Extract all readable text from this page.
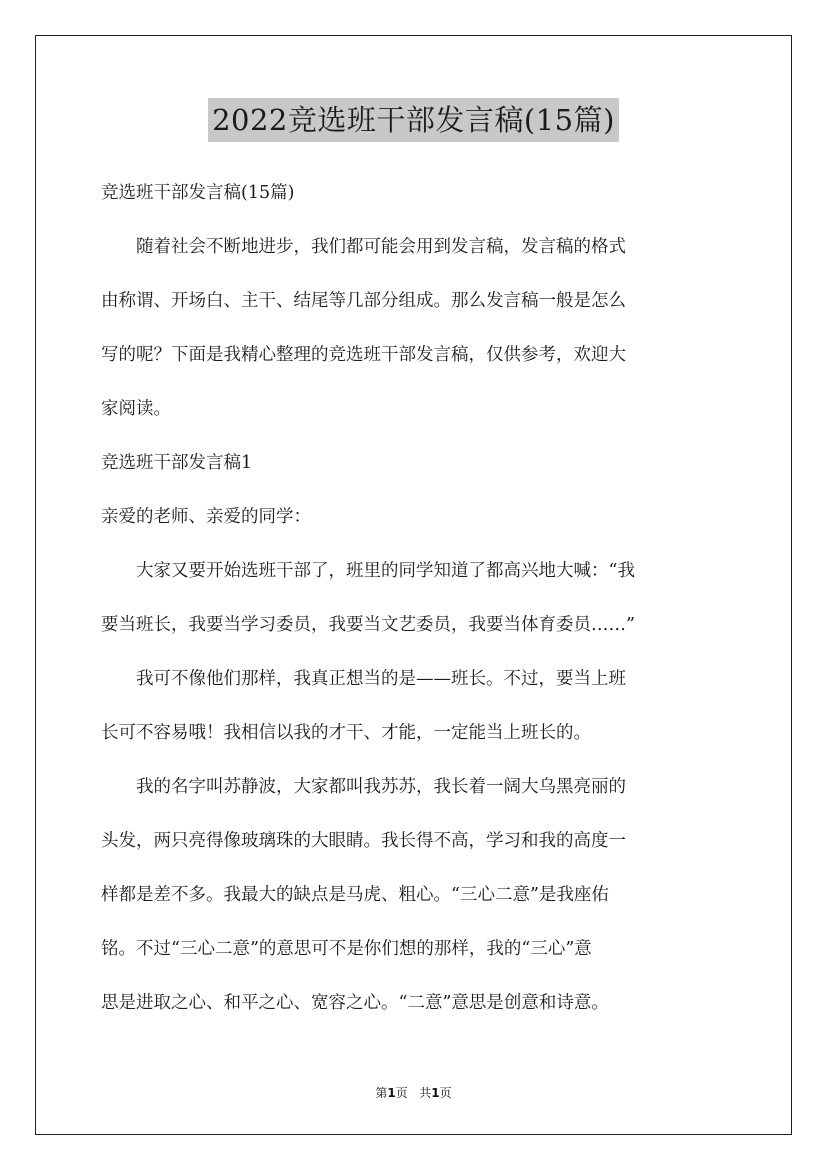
2022竞选班干部发言稿(15篇)
竞选班干部发言稿(15篇)
　　随着社会不断地进步，我们都可能会用到发言稿，发言稿的格式
由称谓、开场白、主干、结尾等几部分组成。那么发言稿一般是怎么
写的呢？下面是我精心整理的竞选班干部发言稿，仅供参考，欢迎大
家阅读。
竞选班干部发言稿1
亲爱的老师、亲爱的同学：
　　大家又要开始选班干部了，班里的同学知道了都高兴地大喊：“我
要当班长，我要当学习委员，我要当文艺委员，我要当体育委员……”
　　我可不像他们那样，我真正想当的是——班长。不过，要当上班
长可不容易哦！我相信以我的才干、才能，一定能当上班长的。
　　我的名字叫苏静波，大家都叫我苏苏，我长着一阔大乌黑亮丽的
头发，两只亮得像玻璃珠的大眼睛。我长得不高，学习和我的高度一
样都是差不多。我最大的缺点是马虎、粗心。“三心二意”是我座佑
铭。不过“三心二意”的意思可不是你们想的那样，我的“三心”意
思是进取之心、和平之心、宽容之心。“二意”意思是创意和诗意。
第1页 共1页
